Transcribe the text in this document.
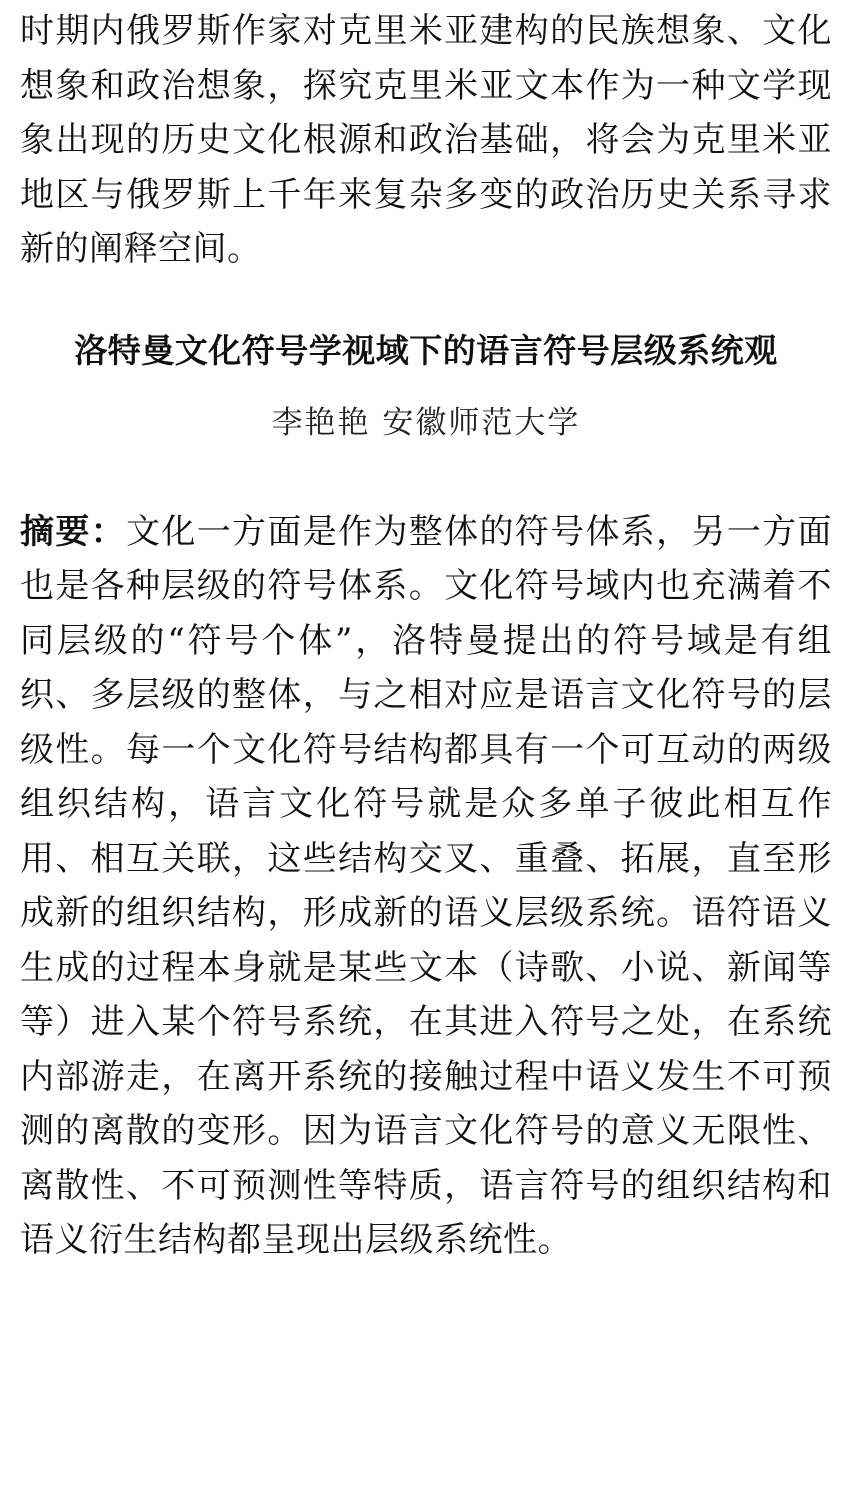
时期内俄罗斯作家对克里米亚建构的民族想象、文化想象和政治想象，探究克里米亚文本作为一种文学现象出现的历史文化根源和政治基础，将会为克里米亚地区与俄罗斯上千年来复杂多变的政治历史关系寻求新的阐释空间。

洛特曼文化符号学视域下的语言符号层级系统观
李艳艳 安徽师范大学

摘要：文化一方面是作为整体的符号体系，另一方面也是各种层级的符号体系。文化符号域内也充满着不同层级的“符号个体”，洛特曼提出的符号域是有组织、多层级的整体，与之相对应是语言文化符号的层级性。每一个文化符号结构都具有一个可互动的两级组织结构，语言文化符号就是众多单子彼此相互作用、相互关联，这些结构交叉、重叠、拓展，直至形成新的组织结构，形成新的语义层级系统。语符语义生成的过程本身就是某些文本（诗歌、小说、新闻等等）进入某个符号系统，在其进入符号之处，在系统内部游走，在离开系统的接触过程中语义发生不可预测的离散的变形。因为语言文化符号的意义无限性、离散性、不可预测性等特质，语言符号的组织结构和语义衍生结构都呈现出层级系统性。
